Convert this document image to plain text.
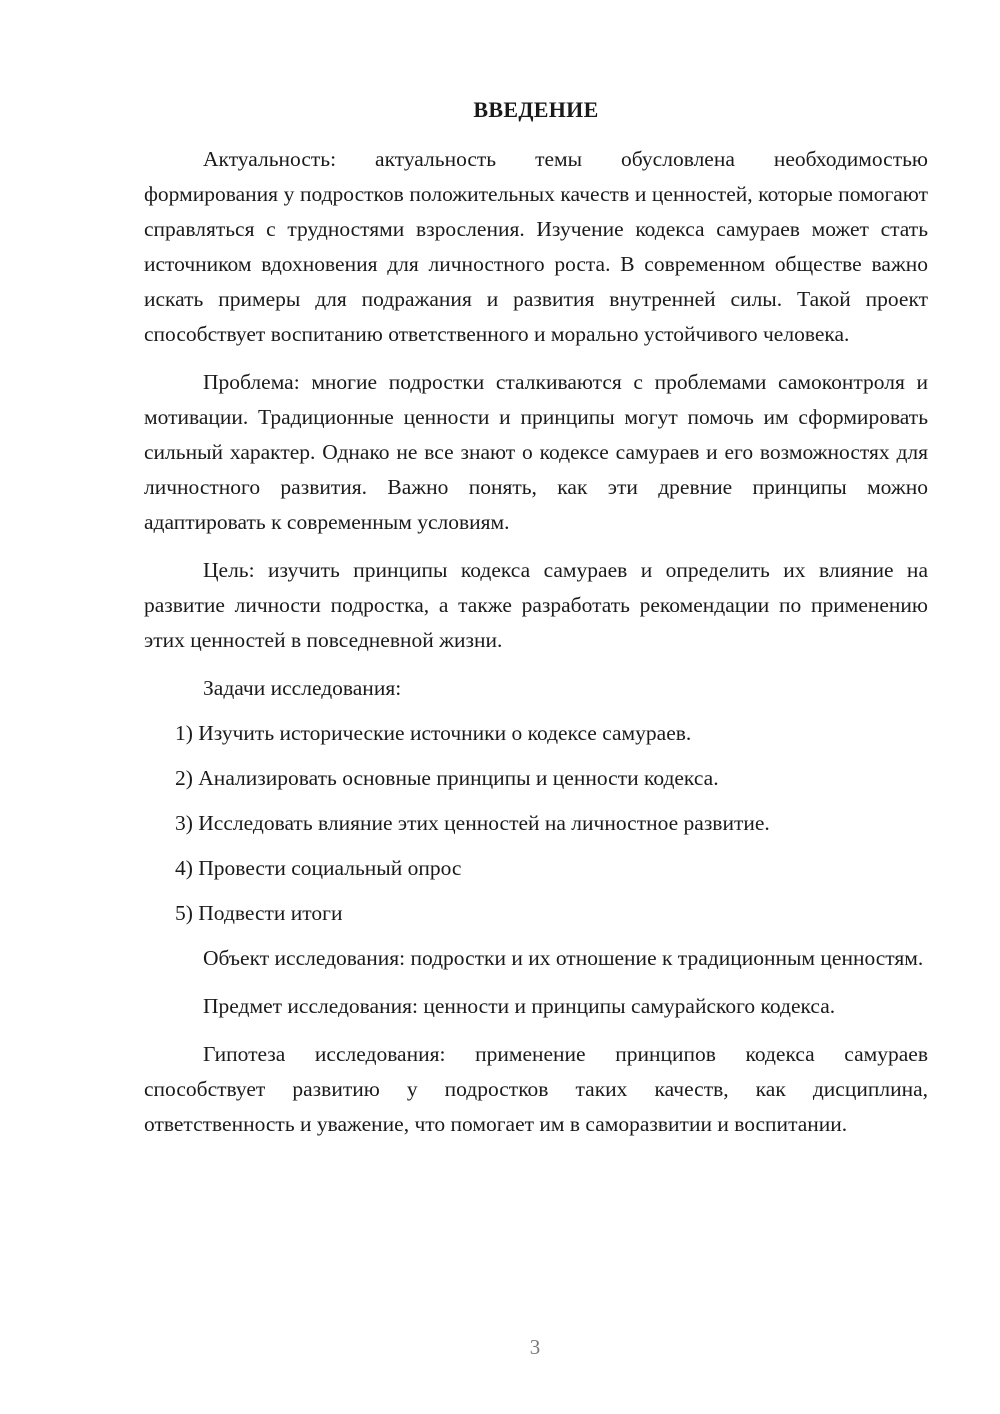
ВВЕДЕНИЕ

Актуальность: актуальность темы обусловлена необходимостью формирования у подростков положительных качеств и ценностей, которые помогают справляться с трудностями взросления. Изучение кодекса самураев может стать источником вдохновения для личностного роста. В современном обществе важно искать примеры для подражания и развития внутренней силы. Такой проект способствует воспитанию ответственного и морально устойчивого человека.

Проблема: многие подростки сталкиваются с проблемами самоконтроля и мотивации. Традиционные ценности и принципы могут помочь им сформировать сильный характер. Однако не все знают о кодексе самураев и его возможностях для личностного развития. Важно понять, как эти древние принципы можно адаптировать к современным условиям.

Цель: изучить принципы кодекса самураев и определить их влияние на развитие личности подростка, а также разработать рекомендации по применению этих ценностей в повседневной жизни.

Задачи исследования:

1) Изучить исторические источники о кодексе самураев.
2) Анализировать основные принципы и ценности кодекса.
3) Исследовать влияние этих ценностей на личностное развитие.
4) Провести социальный опрос
5) Подвести итоги

Объект исследования: подростки и их отношение к традиционным ценностям.

Предмет исследования: ценности и принципы самурайского кодекса.

Гипотеза исследования: применение принципов кодекса самураев способствует развитию у подростков таких качеств, как дисциплина, ответственность и уважение, что помогает им в саморазвитии и воспитании.

3
